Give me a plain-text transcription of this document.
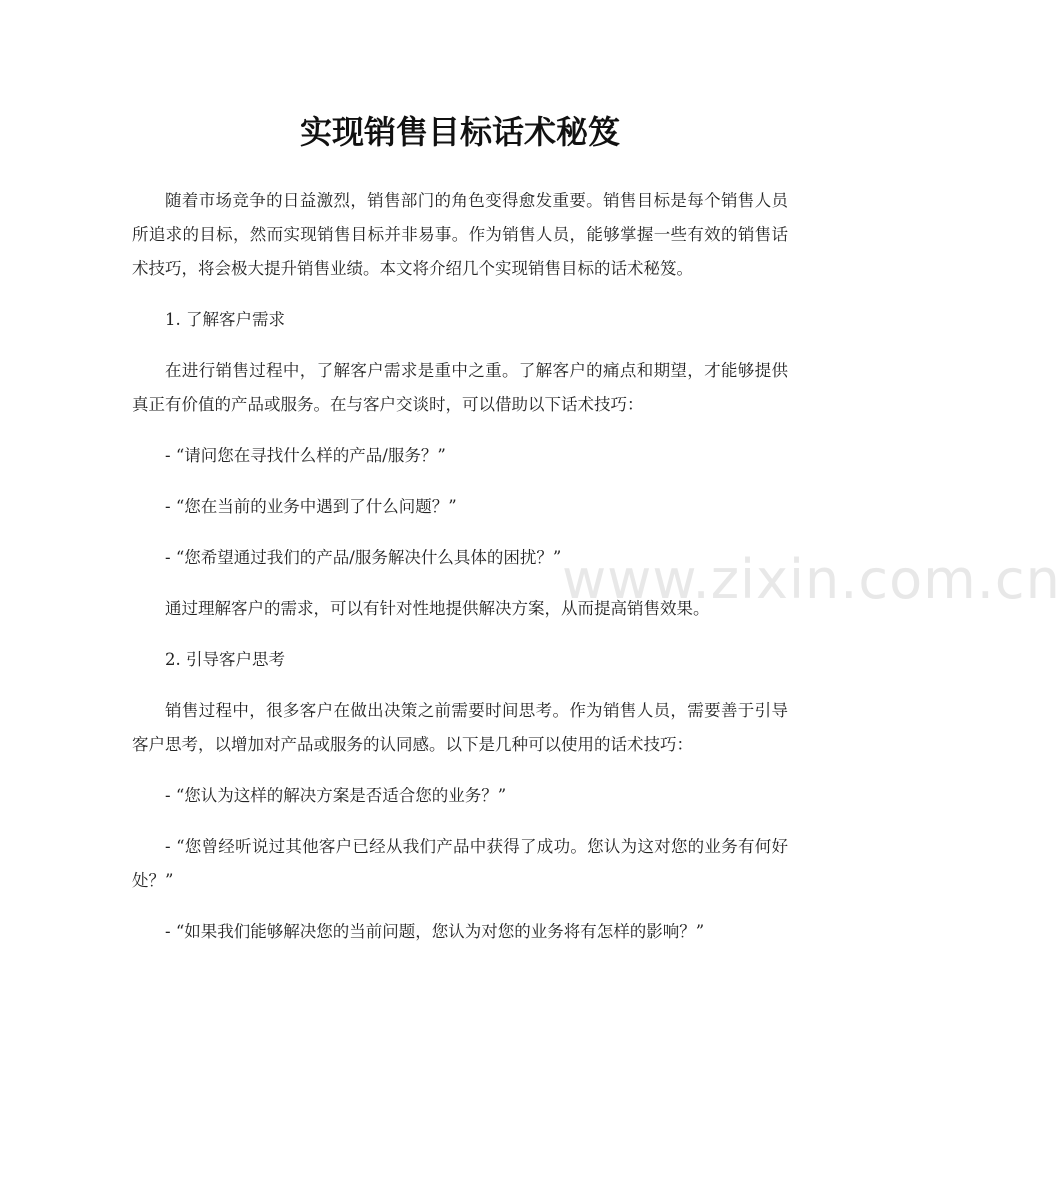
www.zixin.com.cn
实现销售目标话术秘笈

随着市场竞争的日益激烈，销售部门的角色变得愈发重要。销售目标是每个销售人员所追求的目标，然而实现销售目标并非易事。作为销售人员，能够掌握一些有效的销售话术技巧，将会极大提升销售业绩。本文将介绍几个实现销售目标的话术秘笈。

1. 了解客户需求

在进行销售过程中，了解客户需求是重中之重。了解客户的痛点和期望，才能够提供真正有价值的产品或服务。在与客户交谈时，可以借助以下话术技巧：

- “请问您在寻找什么样的产品/服务？”

- “您在当前的业务中遇到了什么问题？”

- “您希望通过我们的产品/服务解决什么具体的困扰？”

通过理解客户的需求，可以有针对性地提供解决方案，从而提高销售效果。

2. 引导客户思考

销售过程中，很多客户在做出决策之前需要时间思考。作为销售人员，需要善于引导客户思考，以增加对产品或服务的认同感。以下是几种可以使用的话术技巧：

- “您认为这样的解决方案是否适合您的业务？”

- “您曾经听说过其他客户已经从我们产品中获得了成功。您认为这对您的业务有何好处？”

- “如果我们能够解决您的当前问题，您认为对您的业务将有怎样的影响？”
